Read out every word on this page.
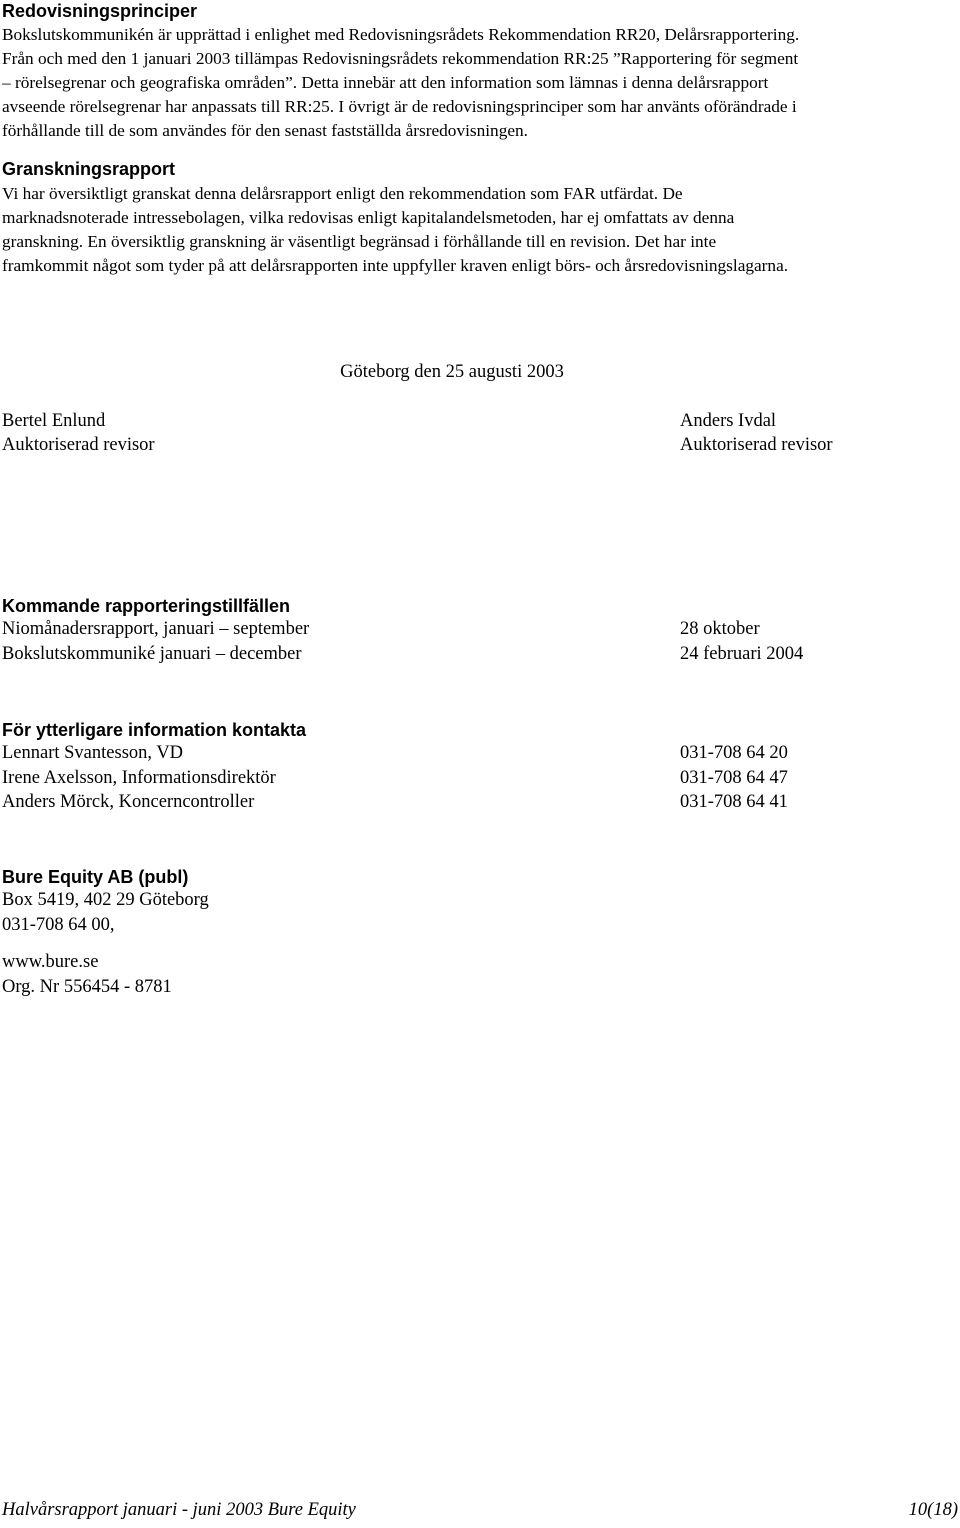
Redovisningsprinciper

Bokslutskommunikén är upprättad i enlighet med Redovisningsrådets Rekommendation RR20, Delårsrapportering.
Från och med den 1 januari 2003 tillämpas Redovisningsrådets rekommendation RR:25 ”Rapportering för segment
– rörelsegrenar och geografiska områden”. Detta innebär att den information som lämnas i denna delårsrapport
avseende rörelsegrenar har anpassats till RR:25. I övrigt är de redovisningsprinciper som har använts oförändrade i
förhållande till de som användes för den senast fastställda årsredovisningen.

Granskningsrapport

Vi har översiktligt granskat denna delårsrapport enligt den rekommendation som FAR utfärdat. De
marknadsnoterade intressebolagen, vilka redovisas enligt kapitalandelsmetoden, har ej omfattats av denna
granskning. En översiktlig granskning är väsentligt begränsad i förhållande till en revision. Det har inte
framkommit något som tyder på att delårsrapporten inte uppfyller kraven enligt börs- och årsredovisningslagarna.

Göteborg den 25 augusti 2003
Bertel Enlund
Auktoriserad revisor
Anders Ivdal
Auktoriserad revisor
Kommande rapporteringstillfällen
Niomånadersrapport, januari – september	28 oktober
Bokslutskommuniké januari – december	24 februari 2004
För ytterligare information kontakta
Lennart Svantesson, VD	031-708 64 20
Irene Axelsson, Informationsdirektör	031-708 64 47
Anders Mörck, Koncerncontroller	031-708 64 41
Bure Equity AB (publ)
Box 5419, 402 29 Göteborg
031-708 64 00,
www.bure.se
Org. Nr 556454 - 8781
Halvårsrapport januari - juni 2003 Bure Equity	10(18)
